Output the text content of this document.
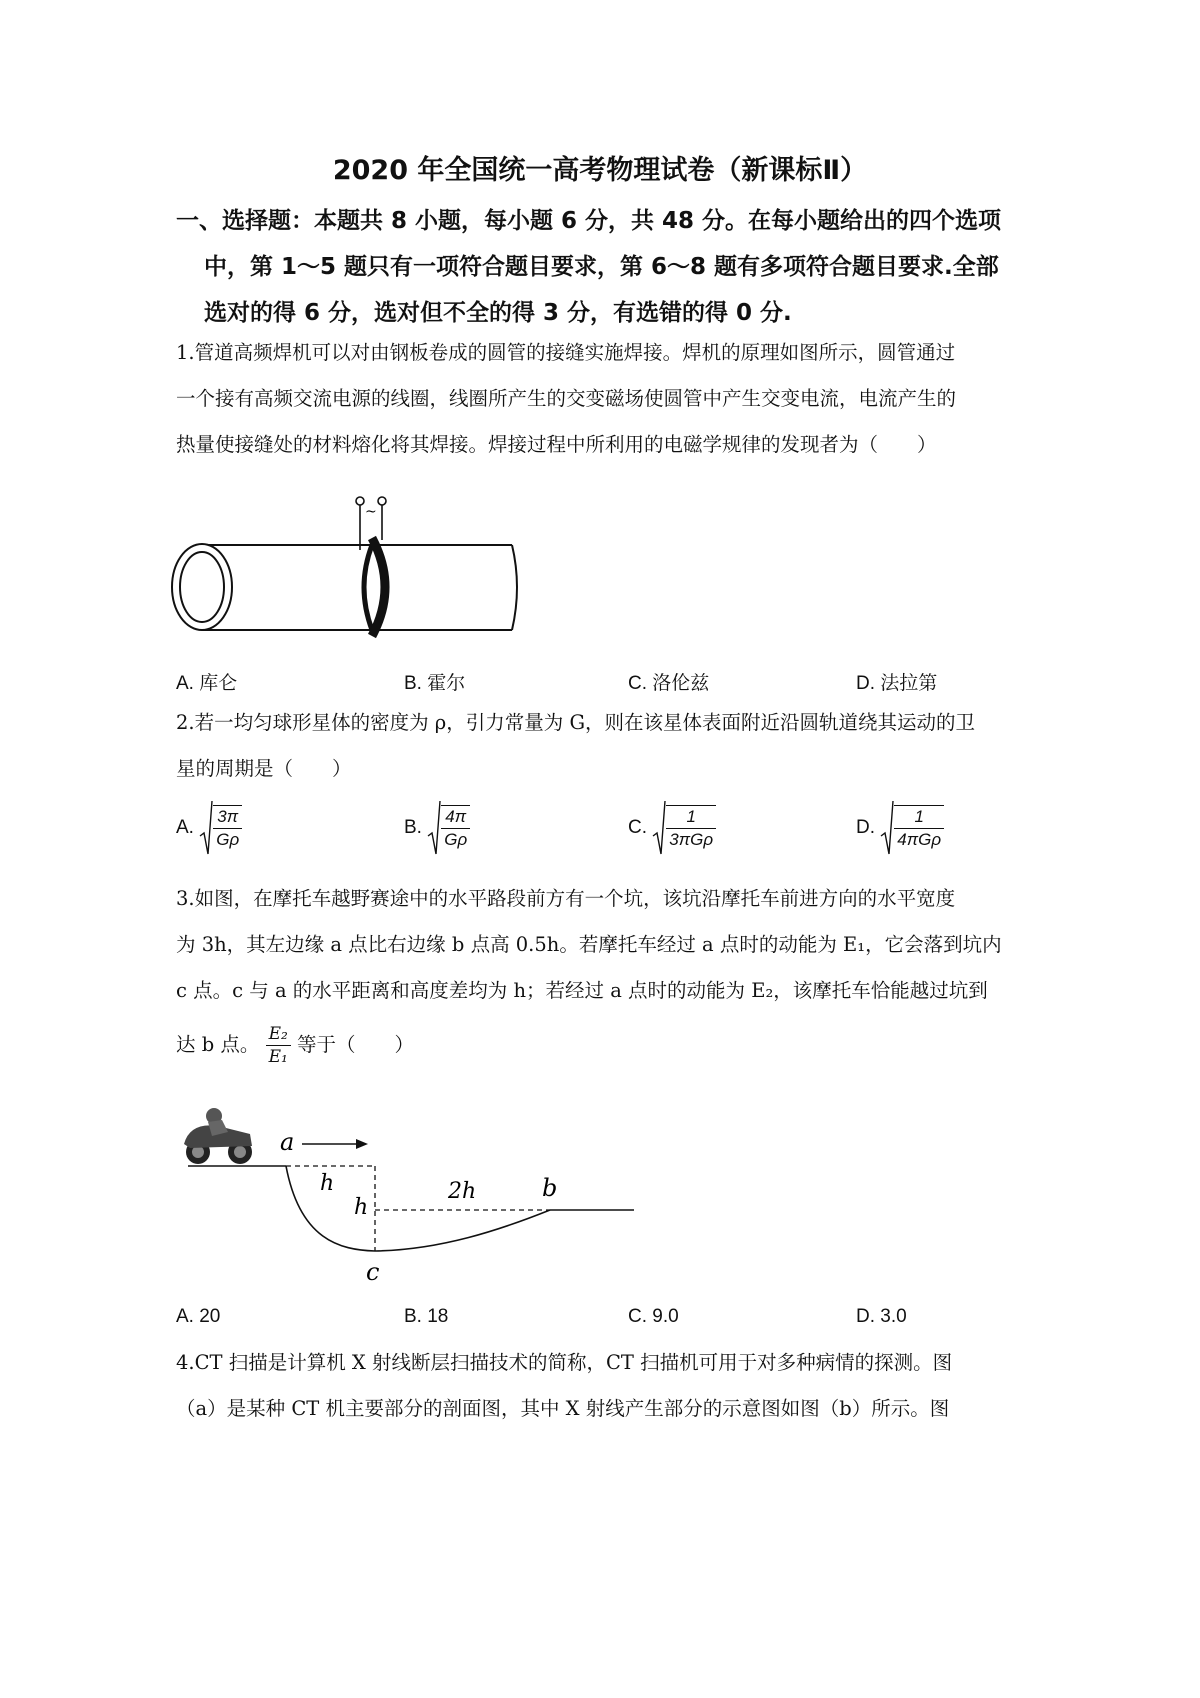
2020 年全国统一高考物理试卷（新课标Ⅱ）
一、选择题：本题共 8 小题，每小题 6 分，共 48 分。在每小题给出的四个选项
中，第 1～5 题只有一项符合题目要求，第 6～8 题有多项符合题目要求.全部
选对的得 6 分，选对但不全的得 3 分，有选错的得 0 分.
1.管道高频焊机可以对由钢板卷成的圆管的接缝实施焊接。焊机的原理如图所示，圆管通过
一个接有高频交流电源的线圈，线圈所产生的交变磁场使圆管中产生交变电流，电流产生的
热量使接缝处的材料熔化将其焊接。焊接过程中所利用的电磁学规律的发现者为（　　）
~
A. 库仑	B. 霍尔	C. 洛伦兹	D. 法拉第
2.若一均匀球形星体的密度为 ρ，引力常量为 G，则在该星体表面附近沿圆轨道绕其运动的卫
星的周期是（　　）
A. $\frac{3\pi}{G\rho}$	B. $\frac{4\pi}{G\rho}$	C. $\frac{1}{\text{3πGρ}}$	D. $\frac{1}{\text{4πGρ}}$
3.如图，在摩托车越野赛途中的水平路段前方有一个坑，该坑沿摩托车前进方向的水平宽度
为 3h，其左边缘 a 点比右边缘 b 点高 0.5h。若摩托车经过 a 点时的动能为 E₁，它会落到坑内
c 点。c 与 a 的水平距离和高度差均为 h；若经过 a 点时的动能为 E₂，该摩托车恰能越过坑到
达 b 点。 $\frac{\text{E₂}}{\text{E₁}}$ 等于（　　）
a
h
h
2h	b
c
A. 20	B. 18	C. 9.0	D. 3.0
4.CT 扫描是计算机 X 射线断层扫描技术的简称，CT 扫描机可用于对多种病情的探测。图
（a）是某种 CT 机主要部分的剖面图，其中 X 射线产生部分的示意图如图（b）所示。图
